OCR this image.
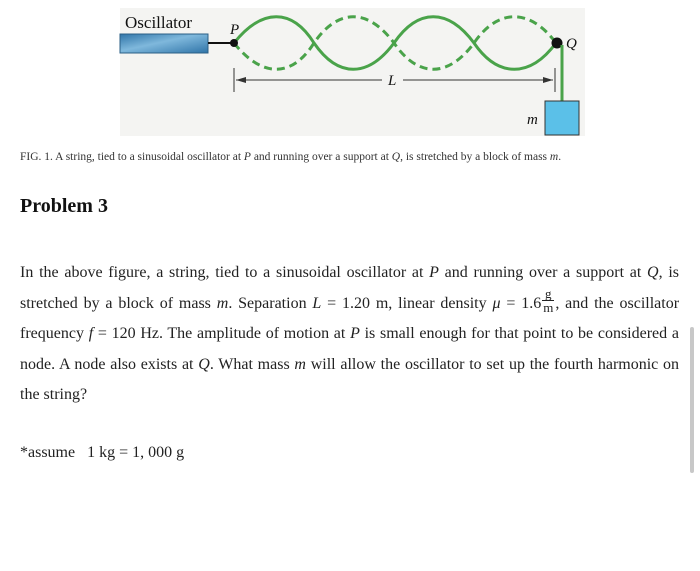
Oscillator	P
Q
m
L
FIG. 1. A string, tied to a sinusoidal oscillator at P and running over a support at Q, is stretched by a block of mass m.
Problem 3

In the above figure, a string, tied to a sinusoidal oscillator at P and running over a support at Q, is stretched by a block of mass m. Separation L = 1.20 m, linear density $\mu = 1.6 \frac{g}{m}$ , and the oscillator frequency f = 120 Hz. The amplitude of motion at P is small enough for that point to be considered a node. A node also exists at Q. What mass m will allow the oscillator to set up the fourth harmonic on the string?

*assume   1 kg = 1, 000 g
